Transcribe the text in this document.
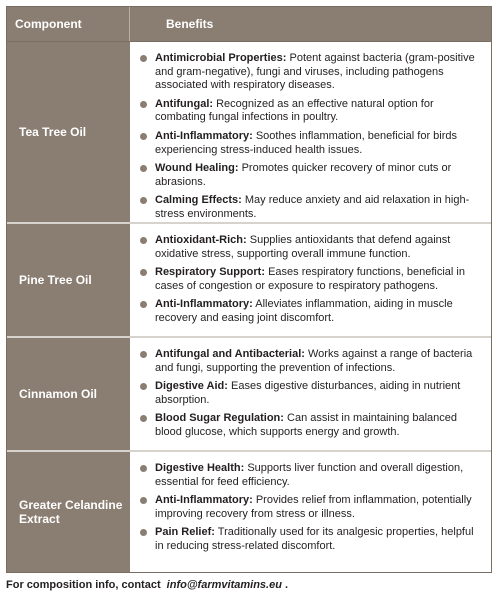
Component	Benefits
Tea Tree Oil
Antimicrobial Properties: Potent against bacteria (gram-positive and gram-negative), fungi and viruses, including pathogens associated with respiratory diseases.
Antifungal: Recognized as an effective natural option for combating fungal infections in poultry.
Anti-Inflammatory: Soothes inflammation, beneficial for birds experiencing stress-induced health issues.
Wound Healing: Promotes quicker recovery of minor cuts or abrasions.
Calming Effects: May reduce anxiety and aid relaxation in high-stress environments.
Pine Tree Oil
Antioxidant-Rich: Supplies antioxidants that defend against oxidative stress, supporting overall immune function.
Respiratory Support: Eases respiratory functions, beneficial in cases of congestion or exposure to respiratory pathogens.
Anti-Inflammatory: Alleviates inflammation, aiding in muscle recovery and easing joint discomfort.
Cinnamon Oil
Antifungal and Antibacterial: Works against a range of bacteria and fungi, supporting the prevention of infections.
Digestive Aid: Eases digestive disturbances, aiding in nutrient absorption.
Blood Sugar Regulation: Can assist in maintaining balanced blood glucose, which supports energy and growth.
Greater Celandine Extract
Digestive Health: Supports liver function and overall digestion, essential for feed efficiency.
Anti-Inflammatory: Provides relief from inflammation, potentially improving recovery from stress or illness.
Pain Relief: Traditionally used for its analgesic properties, helpful in reducing stress-related discomfort.
For composition info, contact info@farmvitamins.eu .
